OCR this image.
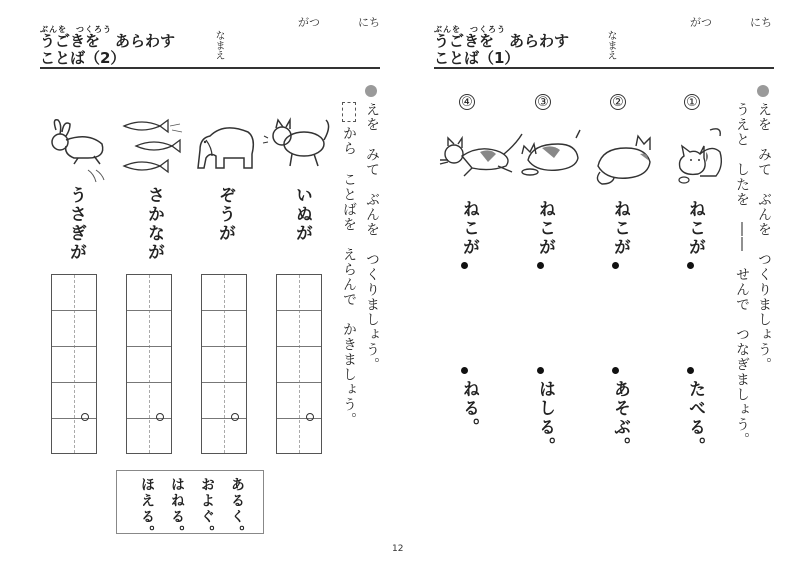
がつ	にち
ぶんを　つくろう
うごきを　あらわす
ことば（2）	なまえ
えを　みて　ぶんを　つくりましょう。
から
ことばを　えらんで　かきましょう。
いぬが
ぞうが
さかなが
うさぎが
あるく。
およぐ。
はねる。
ほえる。
がつ	にち
ぶんを　つくろう
うごきを　あらわす
ことば（1）	なまえ
えを　みて　ぶんを　つくりましょう。
うえと　したを　――　せんで　つなぎましょう。
①
②
③
④
ねこが
ねこが
ねこが
ねこが
たべる。
あそぶ。
はしる。
ねる。
12
